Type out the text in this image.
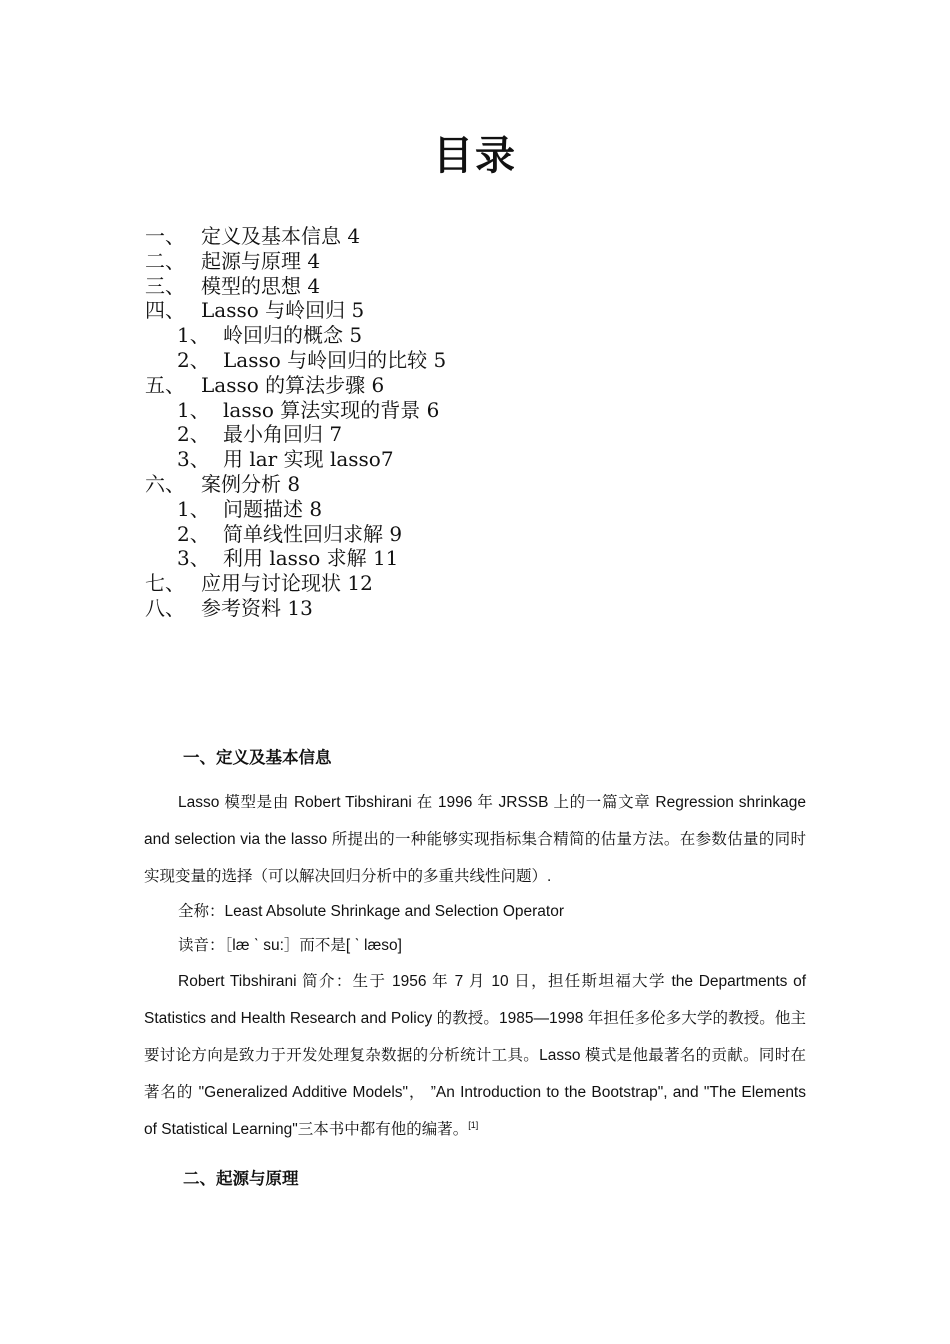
目录
一、 定义及基本信息 4
二、 起源与原理 4
三、 模型的思想 4
四、 Lasso 与岭回归 5
1、 岭回归的概念 5
2、 Lasso 与岭回归的比较 5
五、 Lasso 的算法步骤 6
1、 lasso 算法实现的背景 6
2、 最小角回归 7
3、 用 lar 实现 lasso7
六、 案例分析 8
1、 问题描述 8
2、 简单线性回归求解 9
3、 利用 lasso 求解 11
七、 应用与讨论现状 12
八、 参考资料 13
一、定义及基本信息

Lasso 模型是由 Robert Tibshirani 在 1996 年 JRSSB 上的一篇文章 Regression shrinkage and selection via the lasso 所提出的一种能够实现指标集合精简的估量方法。在参数估量的同时实现变量的选择（可以解决回归分析中的多重共线性问题）.

全称：Least Absolute Shrinkage and Selection Operator

读音：［læ ˋ su:］而不是[ ˋ læso]

Robert Tibshirani 简介：生于 1956 年 7 月 10 日，担任斯坦福大学 the Departments of Statistics and Health Research and Policy 的教授。1985—1998 年担任多伦多大学的教授。他主要讨论方向是致力于开发处理复杂数据的分析统计工具。Lasso 模式是他最著名的贡献。同时在著名的 "Generalized Additive Models"， ”An Introduction to the Bootstrap", and "The Elements of Statistical Learning"三本书中都有他的编著。[1]

二、起源与原理
